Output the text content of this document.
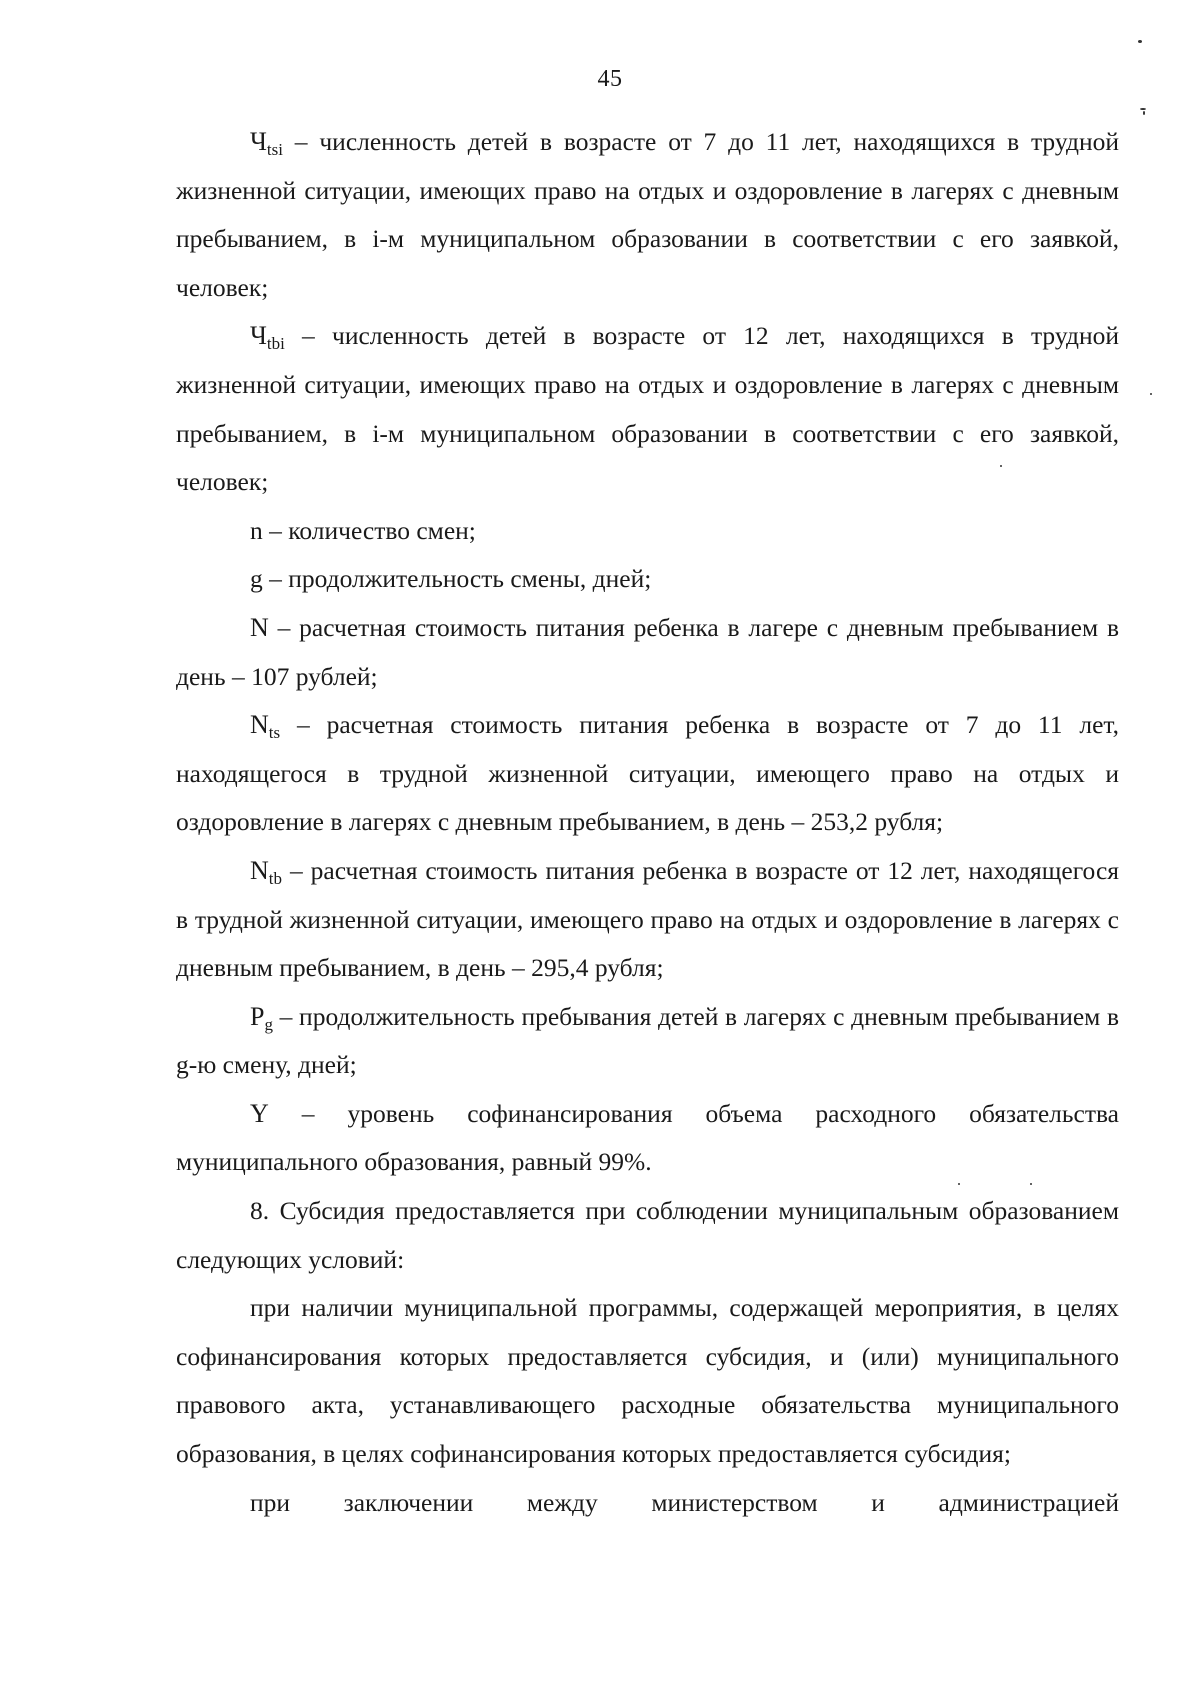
45

$Ч_{tsi}$ – численность детей в возрасте от 7 до 11 лет, находящихся в трудной жизненной ситуации, имеющих право на отдых и оздоровление в лагерях с дневным пребыванием, в i-м муниципальном образовании в соответствии с его заявкой, человек;

$Ч_{tbi}$ – численность детей в возрасте от 12 лет, находящихся в трудной жизненной ситуации, имеющих право на отдых и оздоровление в лагерях с дневным пребыванием, в i-м муниципальном образовании в соответствии с его заявкой, человек;

n – количество смен;

g – продолжительность смены, дней;

N – расчетная стоимость питания ребенка в лагере с дневным пребыванием в день – 107 рублей;

$N_{ts}$ – расчетная стоимость питания ребенка в возрасте от 7 до 11 лет, находящегося в трудной жизненной ситуации, имеющего право на отдых и оздоровление в лагерях с дневным пребыванием, в день – 253,2 рубля;

$N_{tb}$ – расчетная стоимость питания ребенка в возрасте от 12 лет, находящегося в трудной жизненной ситуации, имеющего право на отдых и оздоровление в лагерях с дневным пребыванием, в день – 295,4 рубля;

$P_g$ – продолжительность пребывания детей в лагерях с дневным пребыванием в g-ю смену, дней;

Y – уровень софинансирования объема расходного обязательства муниципального образования, равный 99%.

8. Субсидия предоставляется при соблюдении муниципальным образованием следующих условий:

при наличии муниципальной программы, содержащей мероприятия, в целях софинансирования которых предоставляется субсидия, и (или) муниципального правового акта, устанавливающего расходные обязательства муниципального образования, в целях софинансирования которых предоставляется субсидия;

при заключении между министерством и администрацией
